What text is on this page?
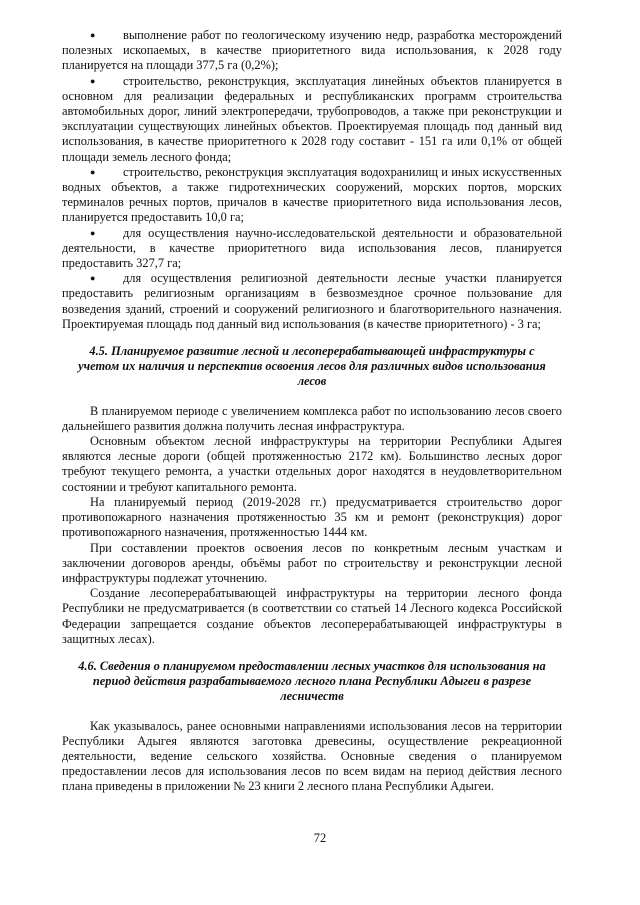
● выполнение работ по геологическому изучению недр, разработка месторождений полезных ископаемых, в качестве приоритетного вида использования, к 2028 году планируется на площади 377,5 га (0,2%);

● строительство, реконструкция, эксплуатация линейных объектов планируется в основном для реализации федеральных и республиканских программ строительства автомобильных дорог, линий электропередачи, трубопроводов, а также при реконструкции и эксплуатации существующих линейных объектов. Проектируемая площадь под данный вид использования, в качестве приоритетного к 2028 году составит - 151 га или 0,1% от общей площади земель лесного фонда;

● строительство, реконструкция эксплуатация водохранилищ и иных искусственных водных объектов, а также гидротехнических сооружений, морских портов, морских терминалов речных портов, причалов в качестве приоритетного вида использования лесов, планируется предоставить 10,0 га;

● для осуществления научно-исследовательской деятельности и образовательной деятельности, в качестве приоритетного вида использования лесов, планируется предоставить 327,7 га;

● для осуществления религиозной деятельности лесные участки планируется предоставить религиозным организациям в безвозмездное срочное пользование для возведения зданий, строений и сооружений религиозного и благотворительного назначения. Проектируемая площадь под данный вид использования (в качестве приоритетного) - 3 га;

4.5. Планируемое развитие лесной и лесоперерабатывающей инфраструктуры с учетом их наличия и перспектив освоения лесов для различных видов использования лесов

В планируемом периоде с увеличением комплекса работ по использованию лесов своего дальнейшего развития должна получить лесная инфраструктура.

Основным объектом лесной инфраструктуры на территории Республики Адыгея являются лесные дороги (общей протяженностью 2172 км). Большинство лесных дорог требуют текущего ремонта, а участки отдельных дорог находятся в неудовлетворительном состоянии и требуют капитального ремонта.

На планируемый период (2019-2028 гг.) предусматривается строительство дорог противопожарного назначения протяженностью 35 км и ремонт (реконструкция) дорог противопожарного назначения, протяженностью 1444 км.

При составлении проектов освоения лесов по конкретным лесным участкам и заключении договоров аренды, объёмы работ по строительству и реконструкции лесной инфраструктуры подлежат уточнению.

Создание лесоперерабатывающей инфраструктуры на территории лесного фонда Республики не предусматривается (в соответствии со статьей 14 Лесного кодекса Российской Федерации запрещается создание объектов лесоперерабатывающей инфраструктуры в защитных лесах).

4.6. Сведения о планируемом предоставлении лесных участков для использования на период действия разрабатываемого лесного плана Республики Адыгеи в разрезе лесничеств

Как указывалось, ранее основными направлениями использования лесов на территории Республики Адыгея являются заготовка древесины, осуществление рекреационной деятельности, ведение сельского хозяйства. Основные сведения о планируемом предоставлении лесов для использования лесов по всем видам на период действия лесного плана приведены в приложении № 23 книги 2 лесного плана Республики Адыгеи.

72
